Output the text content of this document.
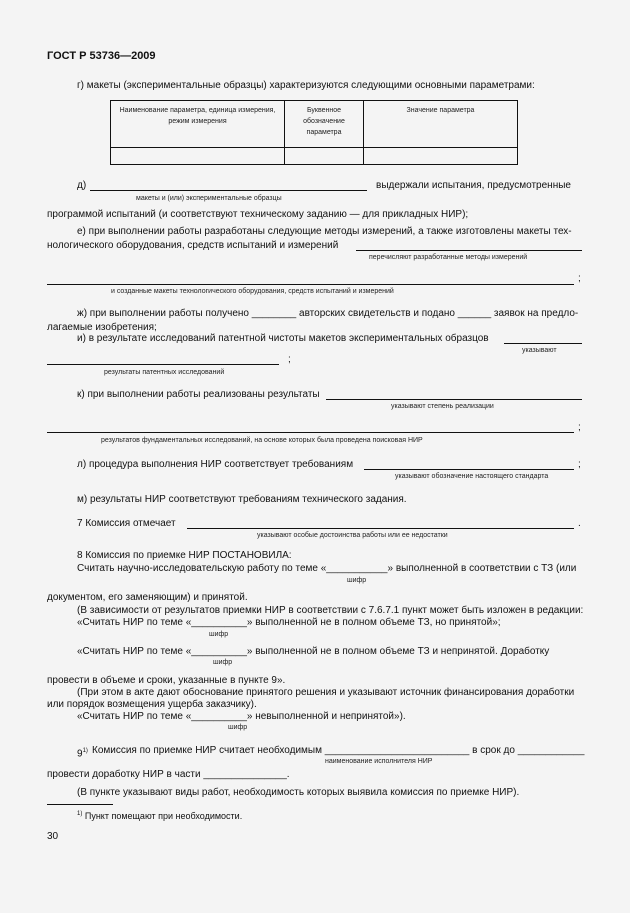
ГОСТ Р 53736—2009
г) макеты (экспериментальные образцы) характеризуются следующими основными параметрами:
Наименование параметра, единица измерения, режим измерения	Буквенное обозначение параметра	Значение параметра

д)
макеты и (или) экспериментальные образцы
выдержали испытания, предусмотренные
программой испытаний (и соответствуют техническому заданию — для прикладных НИР);
е) при выполнении работы разработаны следующие методы измерений, а также изготовлены макеты тех-
нологического оборудования, средств испытаний и измерений
перечисляют разработанные методы измерений
;
и созданные макеты технологического оборудования, средств испытаний и измерений
ж) при выполнении работы получено ________ авторских свидетельств и подано ______ заявок на предло-
лагаемые изобретения;
и) в результате исследований патентной чистоты макетов экспериментальных образцов
указывают
;
результаты патентных исследований
к) при выполнении работы реализованы результаты
указывают степень реализации
;
результатов фундаментальных исследований, на основе которых была проведена поисковая НИР
л) процедура выполнения НИР соответствует требованиям	;
указывают обозначение настоящего стандарта
м) результаты НИР соответствуют требованиям технического задания.
7 Комиссия отмечает	.
указывают особые достоинства работы или ее недостатки
8 Комиссия по приемке НИР ПОСТАНОВИЛА:
Считать научно-исследовательскую работу по теме «___________» выполненной в соответствии с ТЗ (или
шифр
документом, его заменяющим) и принятой.
(В зависимости от результатов приемки НИР в соответствии с 7.6.7.1 пункт может быть изложен в редакции:
«Считать НИР по теме «__________» выполненной не в полном объеме ТЗ, но принятой»;
шифр
«Считать НИР по теме «__________» выполненной не в полном объеме ТЗ и непринятой. Доработку
шифр
провести в объеме и сроки, указанные в пункте 9».
(При этом в акте дают обоснование принятого решения и указывают источник финансирования доработки
или порядок возмещения ущерба заказчику).
«Считать НИР по теме «__________» невыполненной и непринятой»).
шифр
9$^{1)}$ Комиссия по приемке НИР считает необходимым __________________________ в срок до ____________
наименование исполнителя НИР
провести доработку НИР в части _______________.
(В пункте указывают виды работ, необходимость которых выявила комиссия по приемке НИР).
$^{1)}$ Пункт помещают при необходимости.
30
